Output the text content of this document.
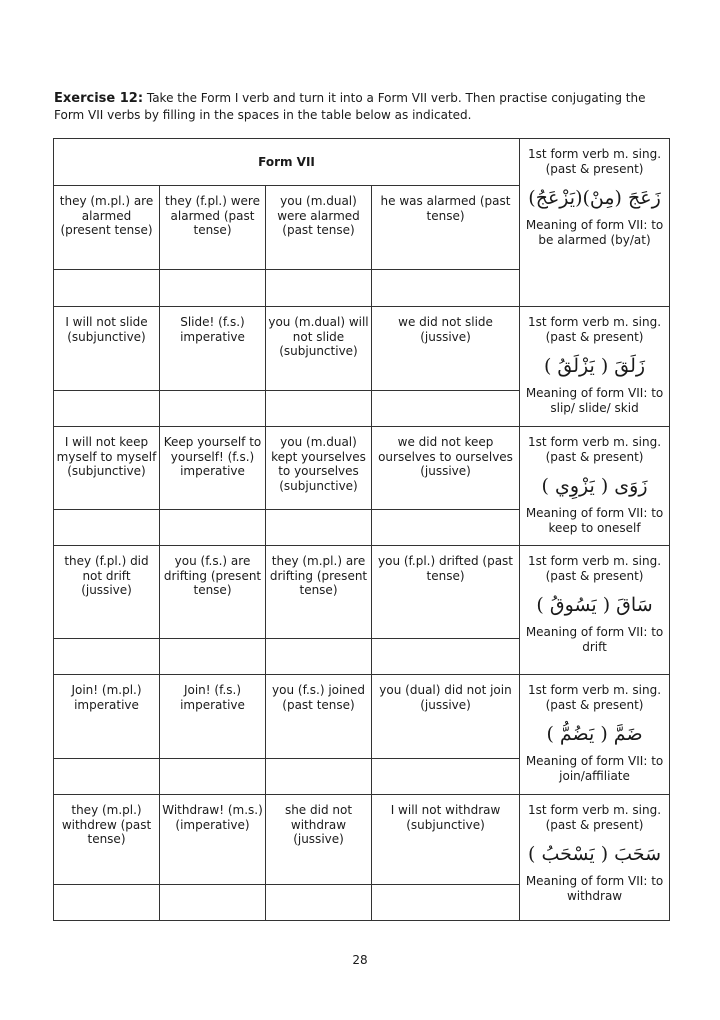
Exercise 12: Take the Form I verb and turn it into a Form VII verb. Then practise conjugating the Form VII verbs by filling in the spaces in the table below as indicated.

Form VII				1st form verb m. sing. (past & present)
زَعَجَ (مِنْ)(يَزْعَجُ)
Meaning of form VII: to be alarmed (by/at)

they (m.pl.) are alarmed (present tense)	they (f.pl.) were alarmed (past tense)	you (m.dual) were alarmed (past tense)	he was alarmed (past tense)	

I will not slide (subjunctive)	Slide! (f.s.) imperative	you (m.dual) will not slide (subjunctive)	we did not slide (jussive)	1st form verb m. sing. (past & present)
زَلَقَ ( يَزْلَقُ )
Meaning of form VII: to slip/ slide/ skid

I will not keep myself to myself (subjunctive)	Keep yourself to yourself! (f.s.) imperative	you (m.dual) kept yourselves to yourselves (subjunctive)	we did not keep ourselves to ourselves (jussive)	1st form verb m. sing. (past & present)
زَوَى ( يَزْوِي )
Meaning of form VII: to keep to oneself

they (f.pl.) did not drift (jussive)	you (f.s.) are drifting (present tense)	they (m.pl.) are drifting (present tense)	you (f.pl.) drifted (past tense)	1st form verb m. sing. (past & present)
سَاقَ ( يَسُوقُ )
Meaning of form VII: to drift

Join! (m.pl.) imperative	Join! (f.s.) imperative	you (f.s.) joined (past tense)	you (dual) did not join (jussive)	1st form verb m. sing. (past & present)
ضَمَّ ( يَضُمُّ )
Meaning of form VII: to join/affiliate

they (m.pl.) withdrew (past tense)	Withdraw! (m.s.) (imperative)	she did not withdraw (jussive)	I will not withdraw (subjunctive)	1st form verb m. sing. (past & present)
سَحَبَ ( يَسْحَبُ )
Meaning of form VII: to withdraw

28
